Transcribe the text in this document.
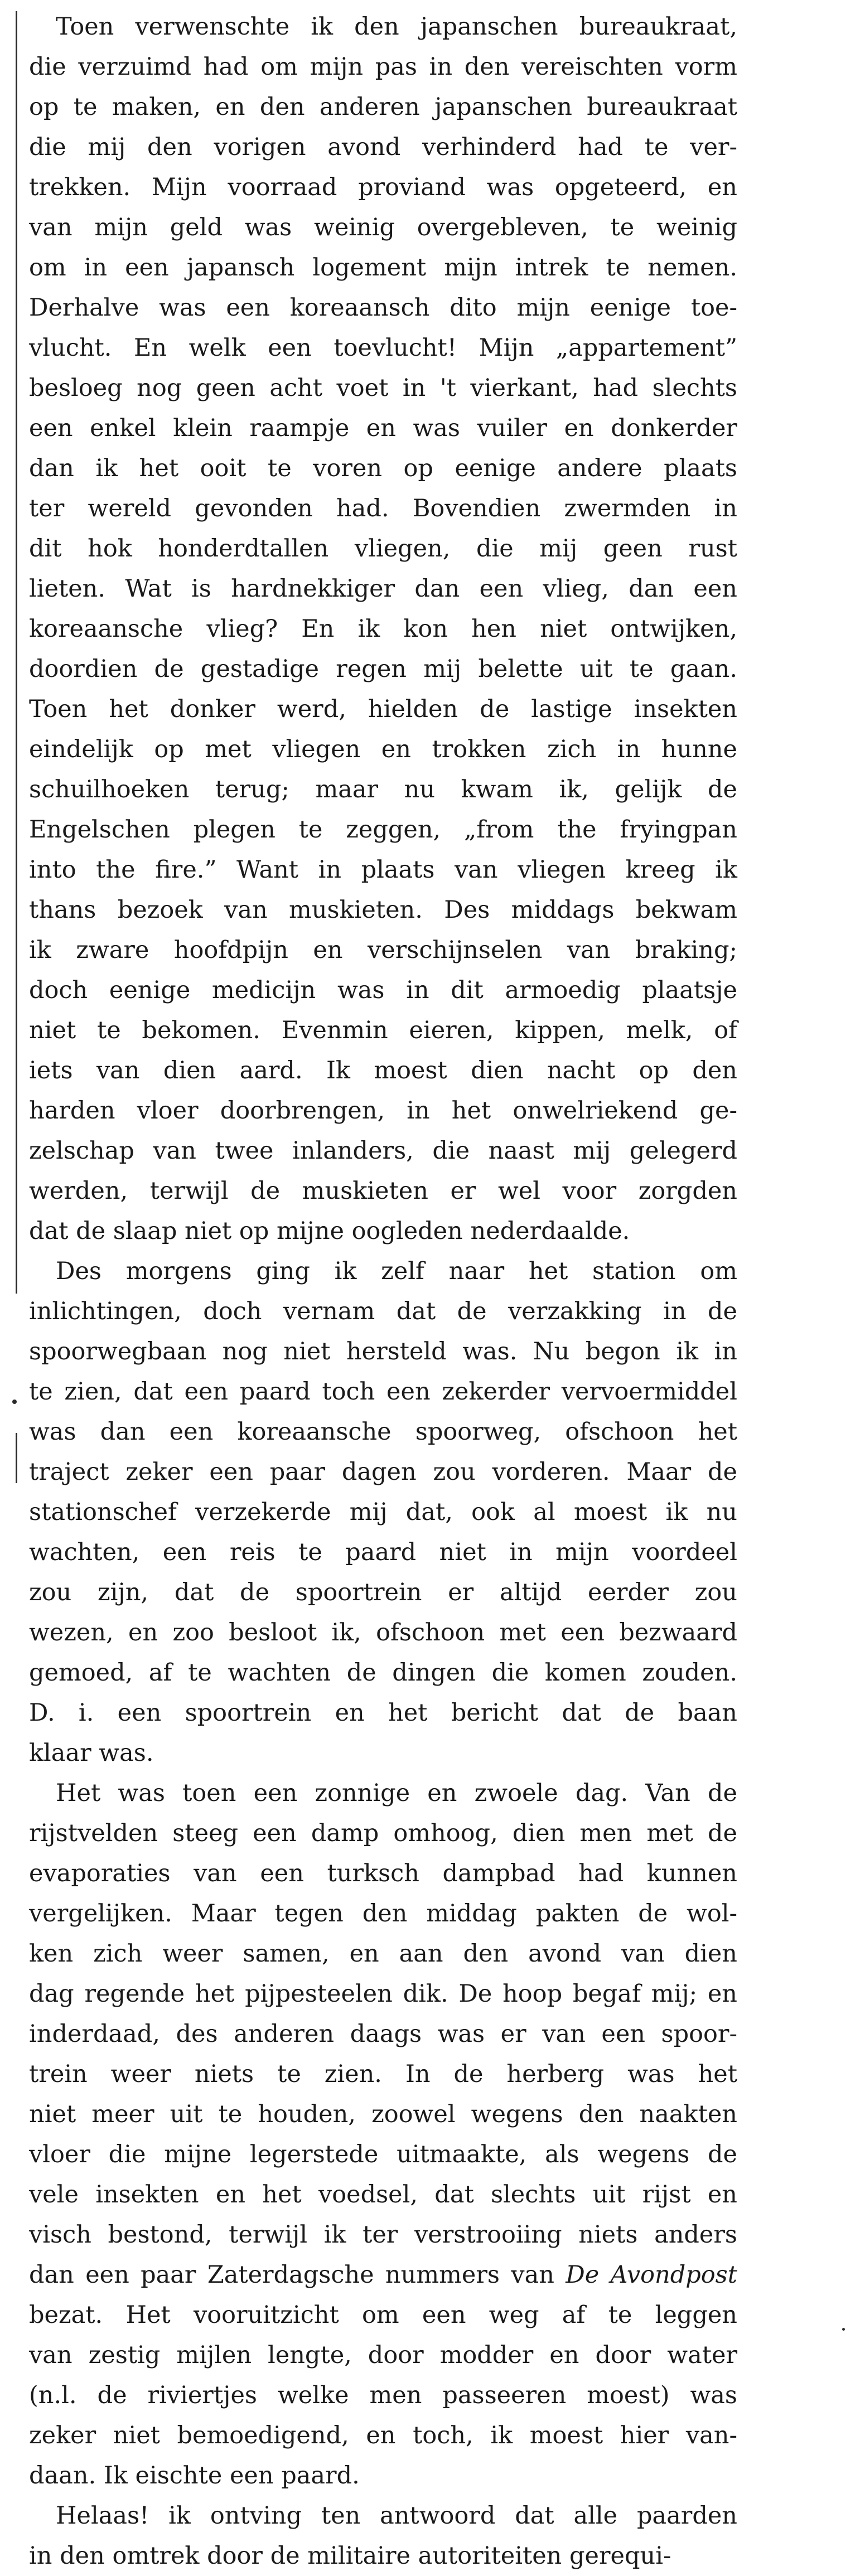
Toen verwenschte ik den japanschen bureaukraat,
die verzuimd had om mijn pas in den vereischten vorm
op te maken, en den anderen japanschen bureaukraat
die mij den vorigen avond verhinderd had te ver-
trekken. Mijn voorraad proviand was opgeteerd, en
van mijn geld was weinig overgebleven, te weinig
om in een japansch logement mijn intrek te nemen.
Derhalve was een koreaansch dito mijn eenige toe-
vlucht. En welk een toevlucht! Mijn „appartement”
besloeg nog geen acht voet in 't vierkant, had slechts
een enkel klein raampje en was vuiler en donkerder
dan ik het ooit te voren op eenige andere plaats
ter wereld gevonden had. Bovendien zwermden in
dit hok honderdtallen vliegen, die mij geen rust
lieten. Wat is hardnekkiger dan een vlieg, dan een
koreaansche vlieg? En ik kon hen niet ontwijken,
doordien de gestadige regen mij belette uit te gaan.
Toen het donker werd, hielden de lastige insekten
eindelijk op met vliegen en trokken zich in hunne
schuilhoeken terug; maar nu kwam ik, gelijk de
Engelschen plegen te zeggen, „from the fryingpan
into the fire.” Want in plaats van vliegen kreeg ik
thans bezoek van muskieten. Des middags bekwam
ik zware hoofdpijn en verschijnselen van braking;
doch eenige medicijn was in dit armoedig plaatsje
niet te bekomen. Evenmin eieren, kippen, melk, of
iets van dien aard. Ik moest dien nacht op den
harden vloer doorbrengen, in het onwelriekend ge-
zelschap van twee inlanders, die naast mij gelegerd
werden, terwijl de muskieten er wel voor zorgden
dat de slaap niet op mijne oogleden nederdaalde.
Des morgens ging ik zelf naar het station om
inlichtingen, doch vernam dat de verzakking in de
spoorwegbaan nog niet hersteld was. Nu begon ik in
te zien, dat een paard toch een zekerder vervoermiddel
was dan een koreaansche spoorweg, ofschoon het
traject zeker een paar dagen zou vorderen. Maar de
stationschef verzekerde mij dat, ook al moest ik nu
wachten, een reis te paard niet in mijn voordeel
zou zijn, dat de spoortrein er altijd eerder zou
wezen, en zoo besloot ik, ofschoon met een bezwaard
gemoed, af te wachten de dingen die komen zouden.
D. i. een spoortrein en het bericht dat de baan
klaar was.
Het was toen een zonnige en zwoele dag. Van de
rijstvelden steeg een damp omhoog, dien men met de
evaporaties van een turksch dampbad had kunnen
vergelijken. Maar tegen den middag pakten de wol-
ken zich weer samen, en aan den avond van dien
dag regende het pijpesteelen dik. De hoop begaf mij; en
inderdaad, des anderen daags was er van een spoor-
trein weer niets te zien. In de herberg was het
niet meer uit te houden, zoowel wegens den naakten
vloer die mijne legerstede uitmaakte, als wegens de
vele insekten en het voedsel, dat slechts uit rijst en
visch bestond, terwijl ik ter verstrooiing niets anders
dan een paar Zaterdagsche nummers van De Avondpost
bezat. Het vooruitzicht om een weg af te leggen
van zestig mijlen lengte, door modder en door water
(n.l. de riviertjes welke men passeeren moest) was
zeker niet bemoedigend, en toch, ik moest hier van-
daan. Ik eischte een paard.
Helaas! ik ontving ten antwoord dat alle paarden
in den omtrek door de militaire autoriteiten gerequi-
